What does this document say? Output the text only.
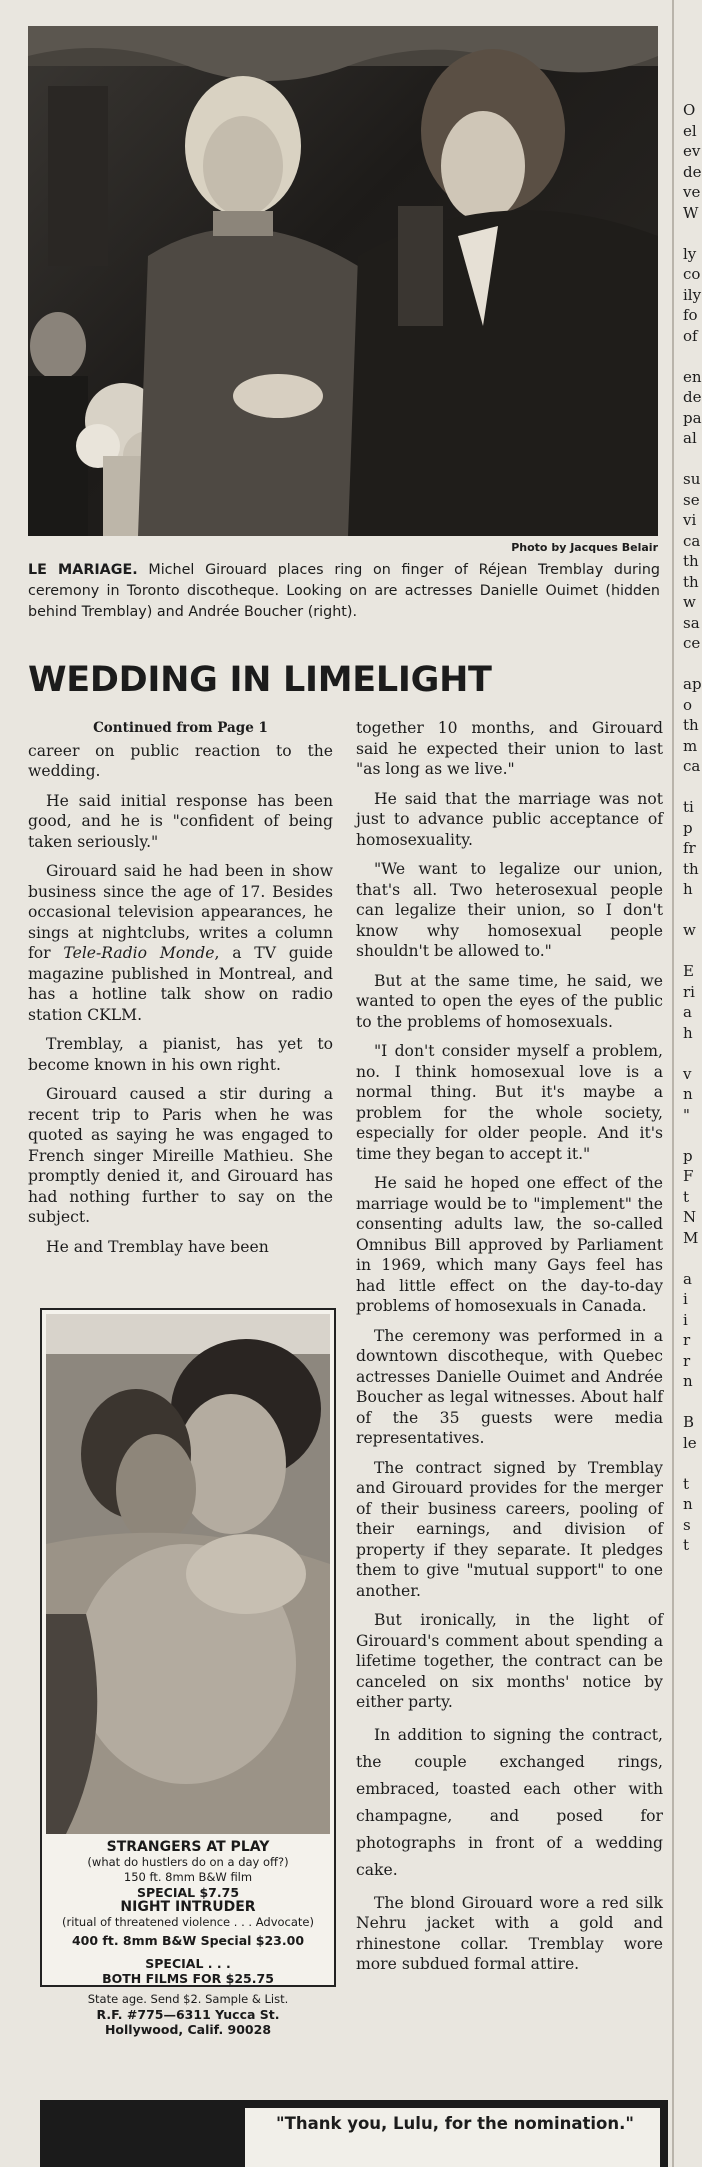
Photo by Jacques Belair
LE MARIAGE. Michel Girouard places ring on finger of Réjean Tremblay during ceremony in Toronto discotheque. Looking on are actresses Danielle Ouimet (hidden behind Tremblay) and Andrée Boucher (right).
WEDDING IN LIMELIGHT

Continued from Page 1

career on public reaction to the wedding.

He said initial response has been good, and he is "confident of being taken seriously."

Girouard said he had been in show business since the age of 17. Besides occasional television appearances, he sings at nightclubs, writes a column for Tele-Radio Monde, a TV guide magazine published in Montreal, and has a hotline talk show on radio station CKLM.

Tremblay, a pianist, has yet to become known in his own right.

Girouard caused a stir during a recent trip to Paris when he was quoted as saying he was engaged to French singer Mireille Mathieu. She promptly denied it, and Girouard has had nothing further to say on the subject.

He and Tremblay have been

STRANGERS AT PLAY
(what do hustlers do on a day off?)
150 ft. 8mm B&W film
SPECIAL $7.75
NIGHT INTRUDER
(ritual of threatened violence . . . Advocate)
400 ft. 8mm B&W Special $23.00
SPECIAL . . .
BOTH FILMS FOR $25.75
State age. Send $2. Sample & List.
R.F. #775—6311 Yucca St.
Hollywood, Calif. 90028

together 10 months, and Girouard said he expected their union to last "as long as we live."

He said that the marriage was not just to advance public acceptance of homosexuality.

"We want to legalize our union, that's all. Two heterosexual people can legalize their union, so I don't know why homosexual people shouldn't be allowed to."

But at the same time, he said, we wanted to open the eyes of the public to the problems of homosexuals.

"I don't consider myself a problem, no. I think homosexual love is a normal thing. But it's maybe a problem for the whole society, especially for older people. And it's time they began to accept it."

He said he hoped one effect of the marriage would be to "implement" the consenting adults law, the so-called Omnibus Bill approved by Parliament in 1969, which many Gays feel has had little effect on the day-to-day problems of homosexuals in Canada.

The ceremony was performed in a downtown discotheque, with Quebec actresses Danielle Ouimet and Andrée Boucher as legal witnesses. About half of the 35 guests were media representatives.

The contract signed by Tremblay and Girouard provides for the merger of their business careers, pooling of their earnings, and division of property if they separate. It pledges them to give "mutual support" to one another.

But ironically, in the light of Girouard's comment about spending a lifetime together, the contract can be canceled on six months' notice by either party.

In addition to signing the contract, the couple exchanged rings, embraced, toasted each other with champagne, and posed for photographs in front of a wedding cake.

The blond Girouard wore a red silk Nehru jacket with a gold and rhinestone collar. Tremblay wore more subdued formal attire.

"Thank you, Lulu, for the nomination."
O
el
ev
de
ve
W

ly
co
ily
fo
of

en
de
pa
al

su
se
vi
ca
th
th
w
sa
ce

ap
o
th
m
ca

ti
p
fr
th
h

w

E
ri
a
h

v
n
"

p
F
t
N
M

a
i
i
r
r
n

B
le

t
n
s
t
